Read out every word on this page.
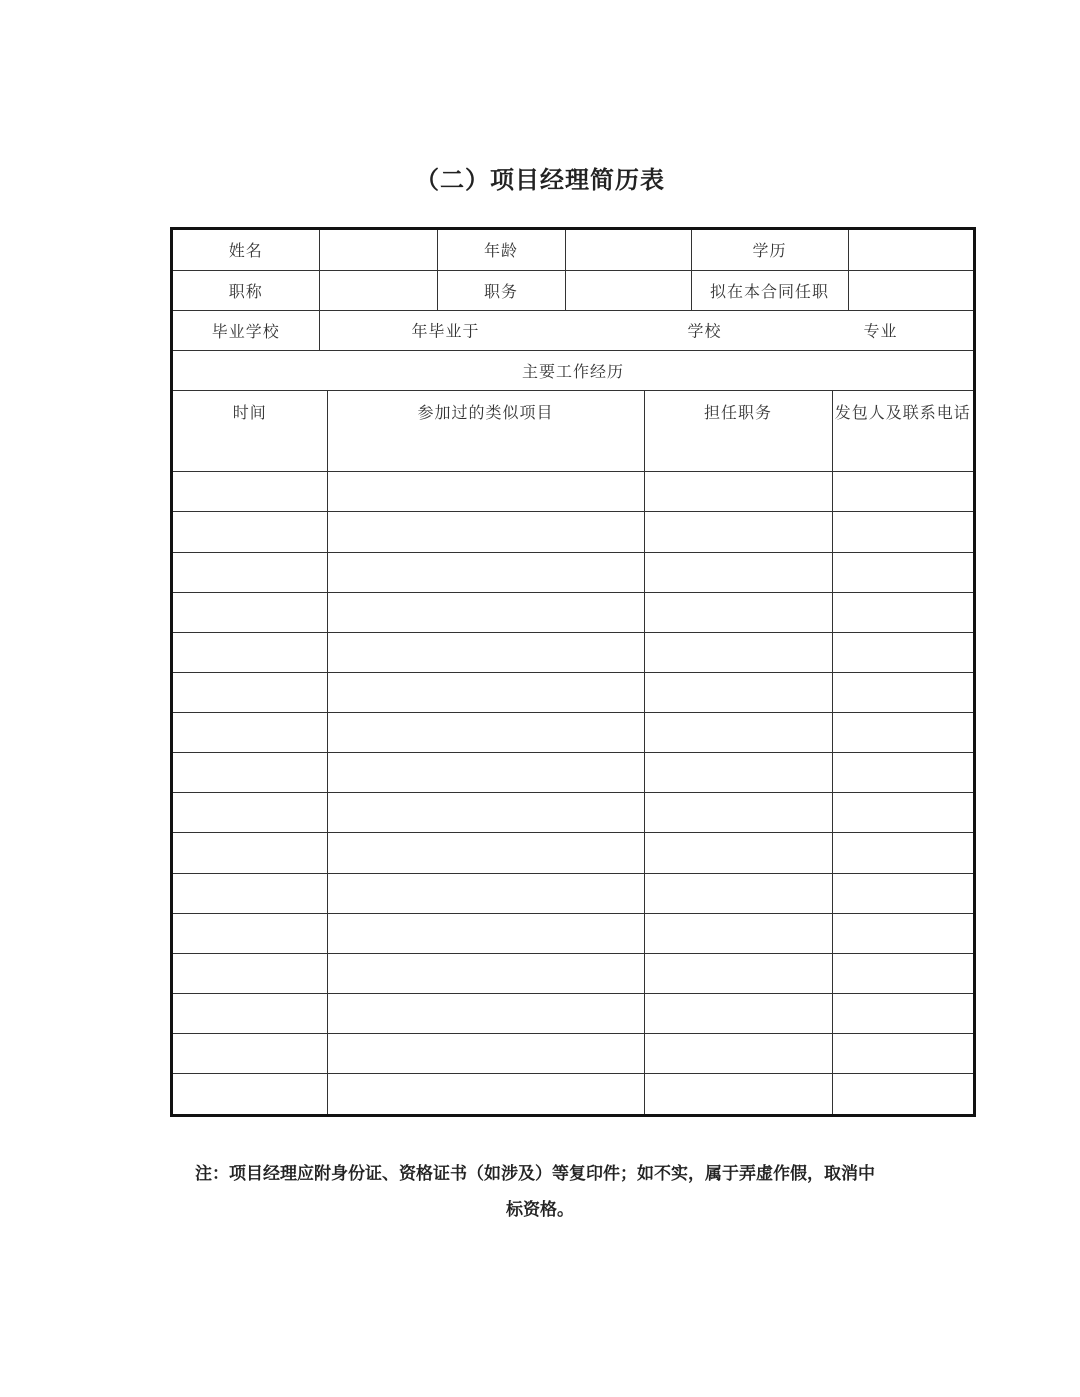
（二）项目经理简历表
姓名			年龄			学历		
职称			职务			拟在本合同任职		
毕业学校	年毕业于 学校 专业							

主要工作经历								
时间		参加过的类似项目			担任职务		发包人及联系电话	

注：项目经理应附身份证、资格证书（如涉及）等复印件；如不实，属于弄虚作假，取消中
标资格。
